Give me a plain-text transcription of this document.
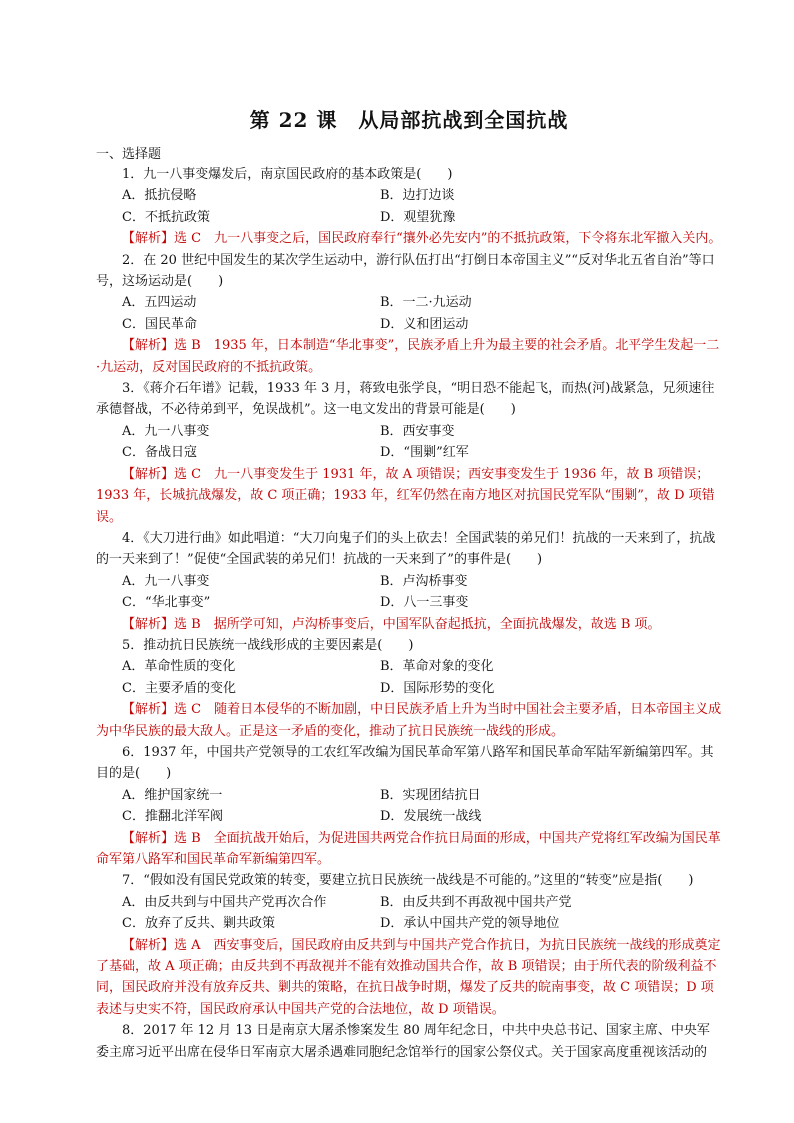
第 22 课　从局部抗战到全国抗战

一、选择题

1．九一八事变爆发后，南京国民政府的基本政策是(　　)

A．抵抗侵略	B．边打边谈
C．不抵抗政策	D．观望犹豫

【解析】选 C　九一八事变之后，国民政府奉行“攘外必先安内”的不抵抗政策，下令将东北军撤入关内。

2．在 20 世纪中国发生的某次学生运动中，游行队伍打出“打倒日本帝国主义”“反对华北五省自治”等口号，这场运动是(　　)

A．五四运动	B．一二·九运动
C．国民革命	D．义和团运动

【解析】选 B　1935 年，日本制造“华北事变”，民族矛盾上升为最主要的社会矛盾。北平学生发起一二·九运动，反对国民政府的不抵抗政策。

3．《蒋介石年谱》记载，1933 年 3 月，蒋致电张学良，“明日恐不能起飞，而热(河)战紧急，兄须速往承德督战，不必待弟到平，免误战机”。这一电文发出的背景可能是(　　)

A．九一八事变	B．西安事变
C．备战日寇	D．“围剿”红军

【解析】选 C　九一八事变发生于 1931 年，故 A 项错误；西安事变发生于 1936 年，故 B 项错误；1933 年，长城抗战爆发，故 C 项正确；1933 年，红军仍然在南方地区对抗国民党军队“围剿”，故 D 项错误。

4．《大刀进行曲》如此唱道：“大刀向鬼子们的头上砍去！全国武装的弟兄们！抗战的一天来到了，抗战的一天来到了！”促使“全国武装的弟兄们！抗战的一天来到了”的事件是(　　)

A．九一八事变	B．卢沟桥事变
C．“华北事变”	D．八一三事变

【解析】选 B　据所学可知，卢沟桥事变后，中国军队奋起抵抗，全面抗战爆发，故选 B 项。

5．推动抗日民族统一战线形成的主要因素是(　　)

A．革命性质的变化	B．革命对象的变化
C．主要矛盾的变化	D．国际形势的变化

【解析】选 C　随着日本侵华的不断加剧，中日民族矛盾上升为当时中国社会主要矛盾，日本帝国主义成为中华民族的最大敌人。正是这一矛盾的变化，推动了抗日民族统一战线的形成。

6．1937 年，中国共产党领导的工农红军改编为国民革命军第八路军和国民革命军陆军新编第四军。其目的是(　　)

A．维护国家统一	B．实现团结抗日
C．推翻北洋军阀	D．发展统一战线

【解析】选 B　全面抗战开始后，为促进国共两党合作抗日局面的形成，中国共产党将红军改编为国民革命军第八路军和国民革命军新编第四军。

7．“假如没有国民党政策的转变，要建立抗日民族统一战线是不可能的。”这里的“转变”应是指(　　)

A．由反共到与中国共产党再次合作	B．由反共到不再敌视中国共产党
C．放弃了反共、剿共政策	D．承认中国共产党的领导地位

【解析】选 A　西安事变后，国民政府由反共到与中国共产党合作抗日，为抗日民族统一战线的形成奠定了基础，故 A 项正确；由反共到不再敌视并不能有效推动国共合作，故 B 项错误；由于所代表的阶级利益不同，国民政府并没有放弃反共、剿共的策略，在抗日战争时期，爆发了反共的皖南事变，故 C 项错误；D 项表述与史实不符，国民政府承认中国共产党的合法地位，故 D 项错误。

8．2017 年 12 月 13 日是南京大屠杀惨案发生 80 周年纪念日，中共中央总书记、国家主席、中央军委主席习近平出席在侵华日军南京大屠杀遇难同胞纪念馆举行的国家公祭仪式。关于国家高度重视该活动的
